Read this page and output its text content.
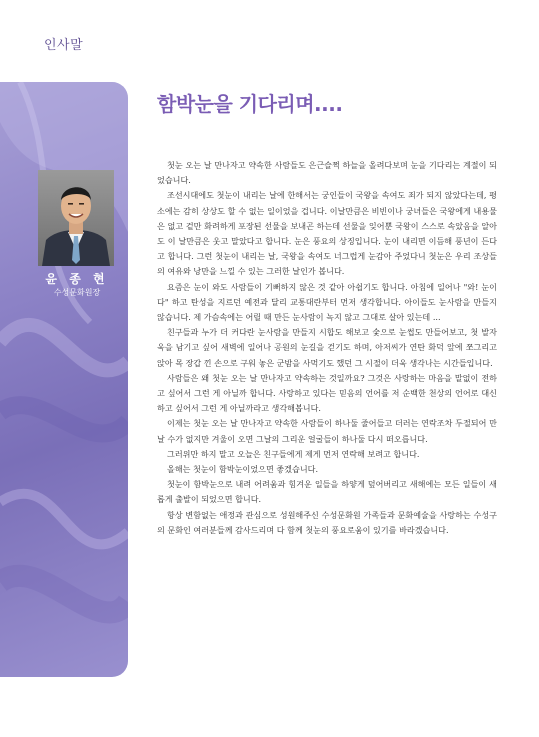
인사말
윤 종 현
수성문화원장
함박눈을 기다리며....

첫눈 오는 날 만나자고 약속한 사람들도 은근슬쩍 하늘을 올려다보며 눈을 기다리는 계절이 되었습니다.

조선시대에도 첫눈이 내리는 날에 한해서는 궁인들이 국왕을 속여도 죄가 되지 않았다는데, 평소에는 감히 상상도 할 수 없는 일이었을 겁니다. 이날만큼은 비빈이나 궁녀들은 국왕에게 내용물은 없고 겉만 화려하게 포장된 선물을 보내곤 하는데 선물을 잊어뿐 국왕이 스스로 속았음을 알아도 이 날만큼은 웃고 말았다고 합니다. 눈은 풍요의 상징입니다. 눈이 내리면 이듬해 풍년이 든다고 합니다. 그런 첫눈이 내리는 날, 국왕을 속여도 너그럽게 눈감아 주었다니 첫눈은 우리 조상들의 여유와 낭만을 느낄 수 있는 그러한 날인가 봅니다.

요즘은 눈이 와도 사람들이 기뻐하지 않은 것 같아 아쉽기도 합니다. 아침에 일어나 "와! 눈이다" 하고 탄성을 지르던 예전과 달리 교통대란부터 먼저 생각합니다. 아이들도 눈사람을 만들지 않습니다. 제 가슴속에는 어릴 때 만든 눈사람이 녹지 않고 그대로 살아 있는데 ...

친구들과 누가 더 커다란 눈사람을 만들지 시합도 해보고 숯으로 눈썹도 만들어보고, 첫 발자욱을 남기고 싶어 새벽에 일어나 공원의 눈길을 걷기도 하며, 아저씨가 연탄 화덕 앞에 쪼그리고 앉아 목 장갑 낀 손으로 구워 놓은 군밤을 사먹기도 했던 그 시절이 더욱 생각나는 시간들입니다.

사람들은 왜 첫눈 오는 날 만나자고 약속하는 것일까요? 그것은 사랑하는 마음을 말없이 전하고 싶어서 그런 게 아닐까 합니다. 사랑하고 있다는 믿음의 언어를 저 순백한 천상의 언어로 대신하고 싶어서 그런 게 아닐까라고 생각해봅니다.

이제는 첫눈 오는 날 만나자고 약속한 사람들이 하나둘 줄어들고 더러는 연락조차 두절되어 만날 수가 없지만 겨울이 오면 그날의 그리운 얼굴들이 하나둘 다시 떠오릅니다.

그러위만 하지 말고 오늘은 친구들에게 제게 먼저 연락해 보려고 합니다.

올해는 첫눈이 함박눈이었으면 좋겠습니다.

첫눈이 함박눈으로 내려 어려움과 힘겨운 일들을 하얗게 덮어버리고 새해에는 모든 일들이 새롭게 출발이 되었으면 합니다.

항상 변함없는 애정과 관심으로 성원해주신 수성문화원 가족들과 문화예술을 사랑하는 수성구의 문화인 여러분들께 감사드리며 다 함께 첫눈의 풍요로움이 있기를 바라겠습니다.
